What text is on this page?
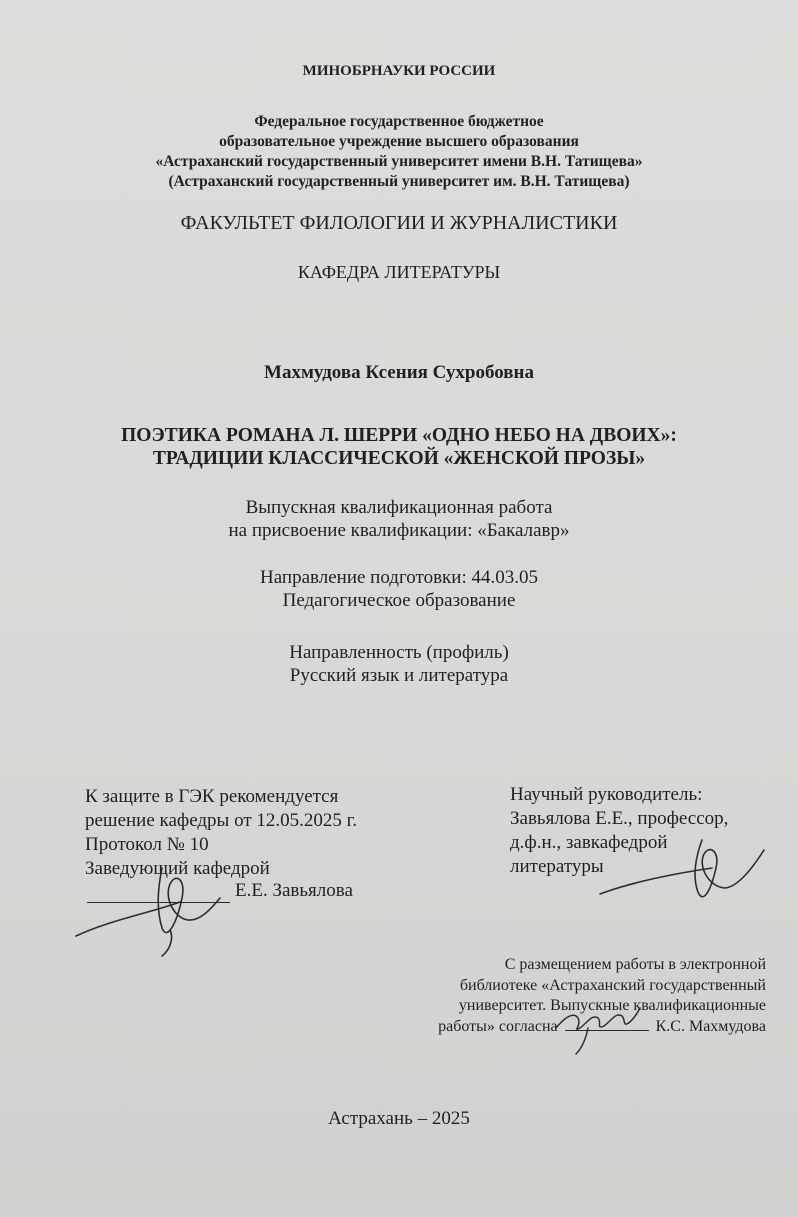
МИНОБРНАУКИ РОССИИ
Федеральное государственное бюджетное
образовательное учреждение высшего образования
«Астраханский государственный университет имени В.Н. Татищева»
(Астраханский государственный университет им. В.Н. Татищева)
ФАКУЛЬТЕТ ФИЛОЛОГИИ И ЖУРНАЛИСТИКИ
КАФЕДРА ЛИТЕРАТУРЫ
Махмудова Ксения Сухробовна
ПОЭТИКА РОМАНА Л. ШЕРРИ «ОДНО НЕБО НА ДВОИХ»:
ТРАДИЦИИ КЛАССИЧЕСКОЙ «ЖЕНСКОЙ ПРОЗЫ»
Выпускная квалификационная работа
на присвоение квалификации: «Бакалавр»
Направление подготовки: 44.03.05
Педагогическое образование
Направленность (профиль)
Русский язык и литература
К защите в ГЭК рекомендуется
решение кафедры от 12.05.2025 г.
Протокол № 10
Заведующий кафедрой
Е.Е. Завьялова
Научный руководитель:
Завьялова Е.Е., профессор,
д.ф.н., завкафедрой
литературы
С размещением работы в электронной
библиотеке «Астраханский государственный
университет. Выпускные квалификационные
работы» согласна	К.С. Махмудова
Астрахань – 2025
